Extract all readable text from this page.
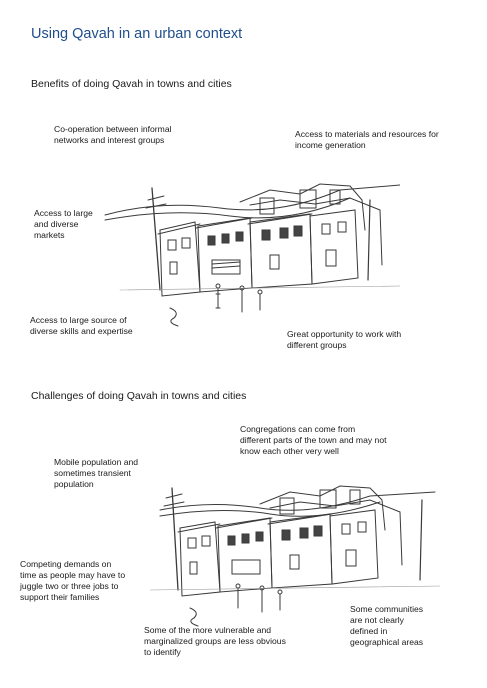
Using Qavah in an urban context
Benefits of doing Qavah in towns and cities
Co-operation between informal
networks and interest groups
Access to materials and resources for
income generation
Access to large
and diverse
markets
Access to large source of
diverse skills and expertise	Great opportunity to work with
different groups
Challenges of doing Qavah in towns and cities
Congregations can come from
different parts of the town and may not
know each other very well
Mobile population and
sometimes transient
population
Competing demands on
time as people may have to
juggle two or three jobs to
support their families
Some of the more vulnerable and
marginalized groups are less obvious
to identify
Some communities
are not clearly
defined in
geographical areas
